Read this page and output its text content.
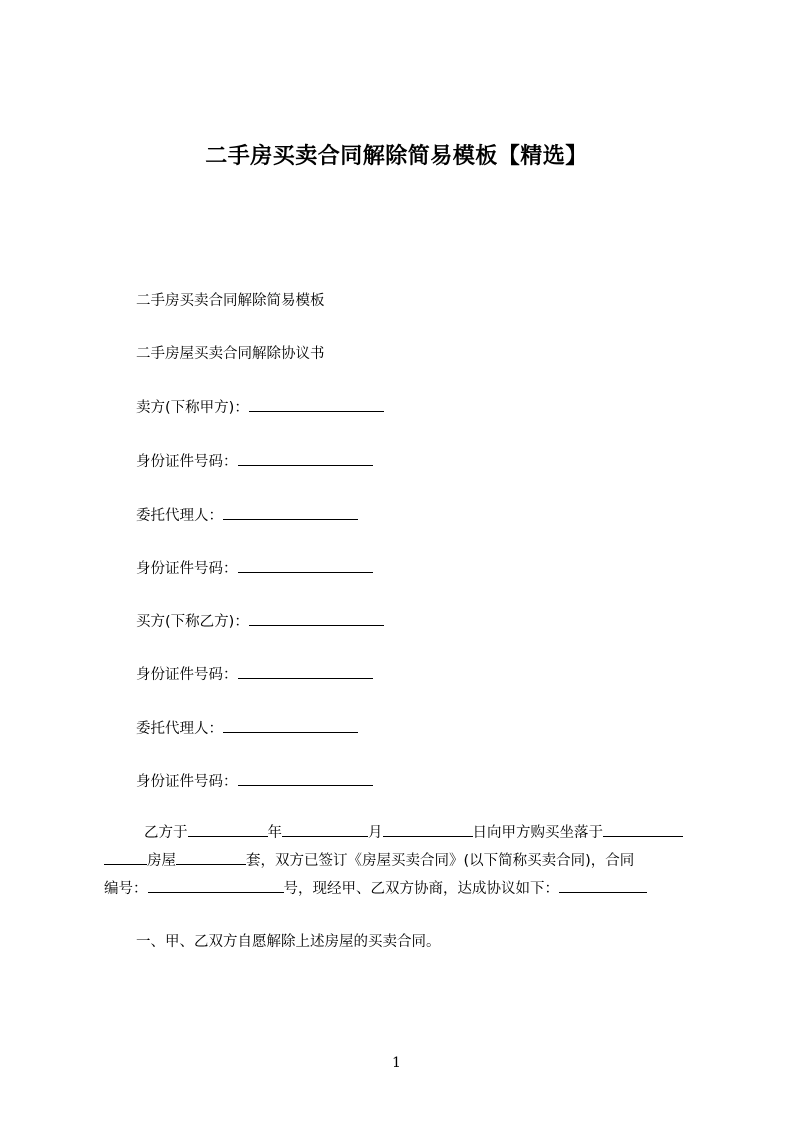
二手房买卖合同解除简易模板【精选】
二手房买卖合同解除简易模板
二手房屋买卖合同解除协议书
卖方(下称甲方)：
身份证件号码：
委托代理人：
身份证件号码：
买方(下称乙方)：
身份证件号码：
委托代理人：
身份证件号码：
乙方于	年	月	日向甲方购买坐落于
房屋	套，双方已签订《房屋买卖合同》(以下简称买卖合同)，合同
编号：	号，现经甲、乙双方协商，达成协议如下：
一、甲、乙双方自愿解除上述房屋的买卖合同。
1
